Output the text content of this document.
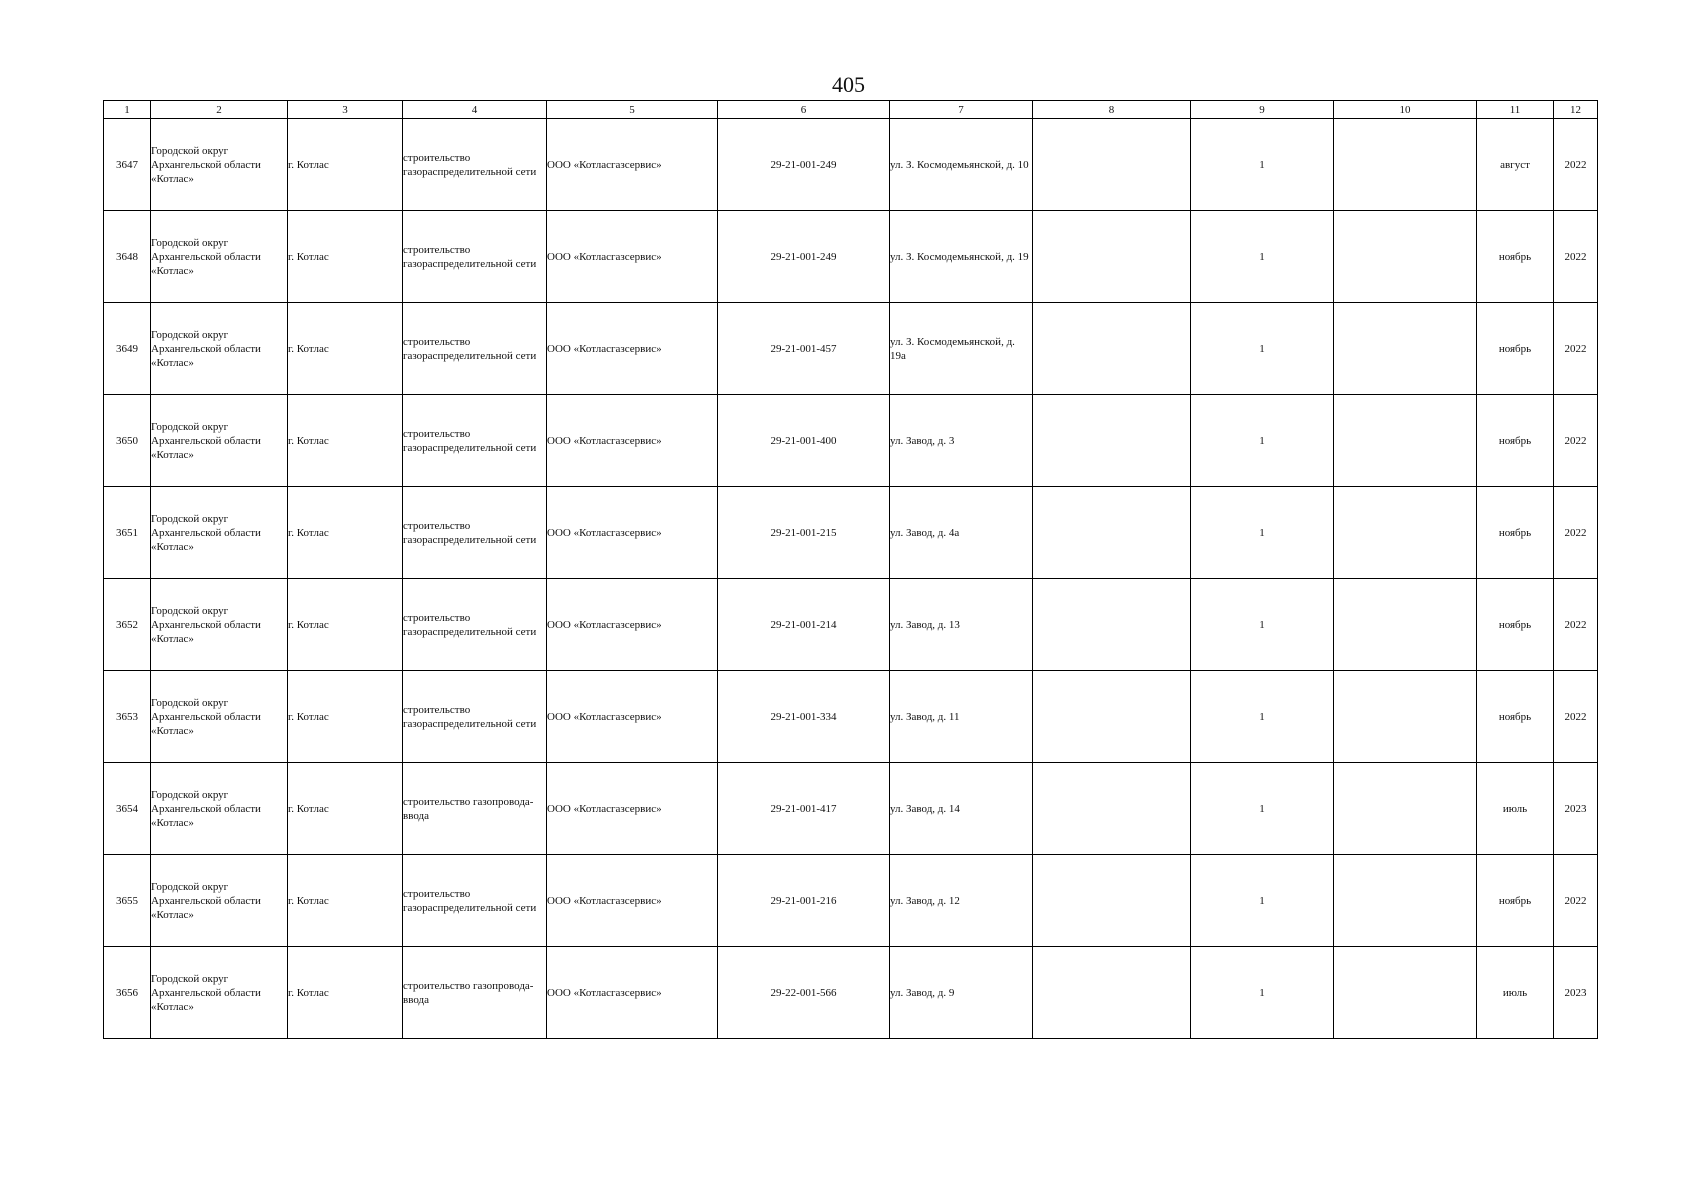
405
1	2	3	4	5	6	7	8	9	10	11	12
3647	Городской округ Архангельской области «Котлас»	г. Котлас	строительство газораспределительной сети	ООО «Котласгазсервис»	29-21-001-249	ул. З. Космодемьянской, д. 10		1		август	2022
3648	Городской округ Архангельской области «Котлас»	г. Котлас	строительство газораспределительной сети	ООО «Котласгазсервис»	29-21-001-249	ул. З. Космодемьянской, д. 19		1		ноябрь	2022
3649	Городской округ Архангельской области «Котлас»	г. Котлас	строительство газораспределительной сети	ООО «Котласгазсервис»	29-21-001-457	ул. З. Космодемьянской, д. 19а		1		ноябрь	2022
3650	Городской округ Архангельской области «Котлас»	г. Котлас	строительство газораспределительной сети	ООО «Котласгазсервис»	29-21-001-400	ул. Завод, д. 3		1		ноябрь	2022
3651	Городской округ Архангельской области «Котлас»	г. Котлас	строительство газораспределительной сети	ООО «Котласгазсервис»	29-21-001-215	ул. Завод, д. 4а		1		ноябрь	2022
3652	Городской округ Архангельской области «Котлас»	г. Котлас	строительство газораспределительной сети	ООО «Котласгазсервис»	29-21-001-214	ул. Завод, д. 13		1		ноябрь	2022
3653	Городской округ Архангельской области «Котлас»	г. Котлас	строительство газораспределительной сети	ООО «Котласгазсервис»	29-21-001-334	ул. Завод, д. 11		1		ноябрь	2022
3654	Городской округ Архангельской области «Котлас»	г. Котлас	строительство газопровода-ввода	ООО «Котласгазсервис»	29-21-001-417	ул. Завод, д. 14		1		июль	2023
3655	Городской округ Архангельской области «Котлас»	г. Котлас	строительство газораспределительной сети	ООО «Котласгазсервис»	29-21-001-216	ул. Завод, д. 12		1		ноябрь	2022
3656	Городской округ Архангельской области «Котлас»	г. Котлас	строительство газопровода-ввода	ООО «Котласгазсервис»	29-22-001-566	ул. Завод, д. 9		1		июль	2023
